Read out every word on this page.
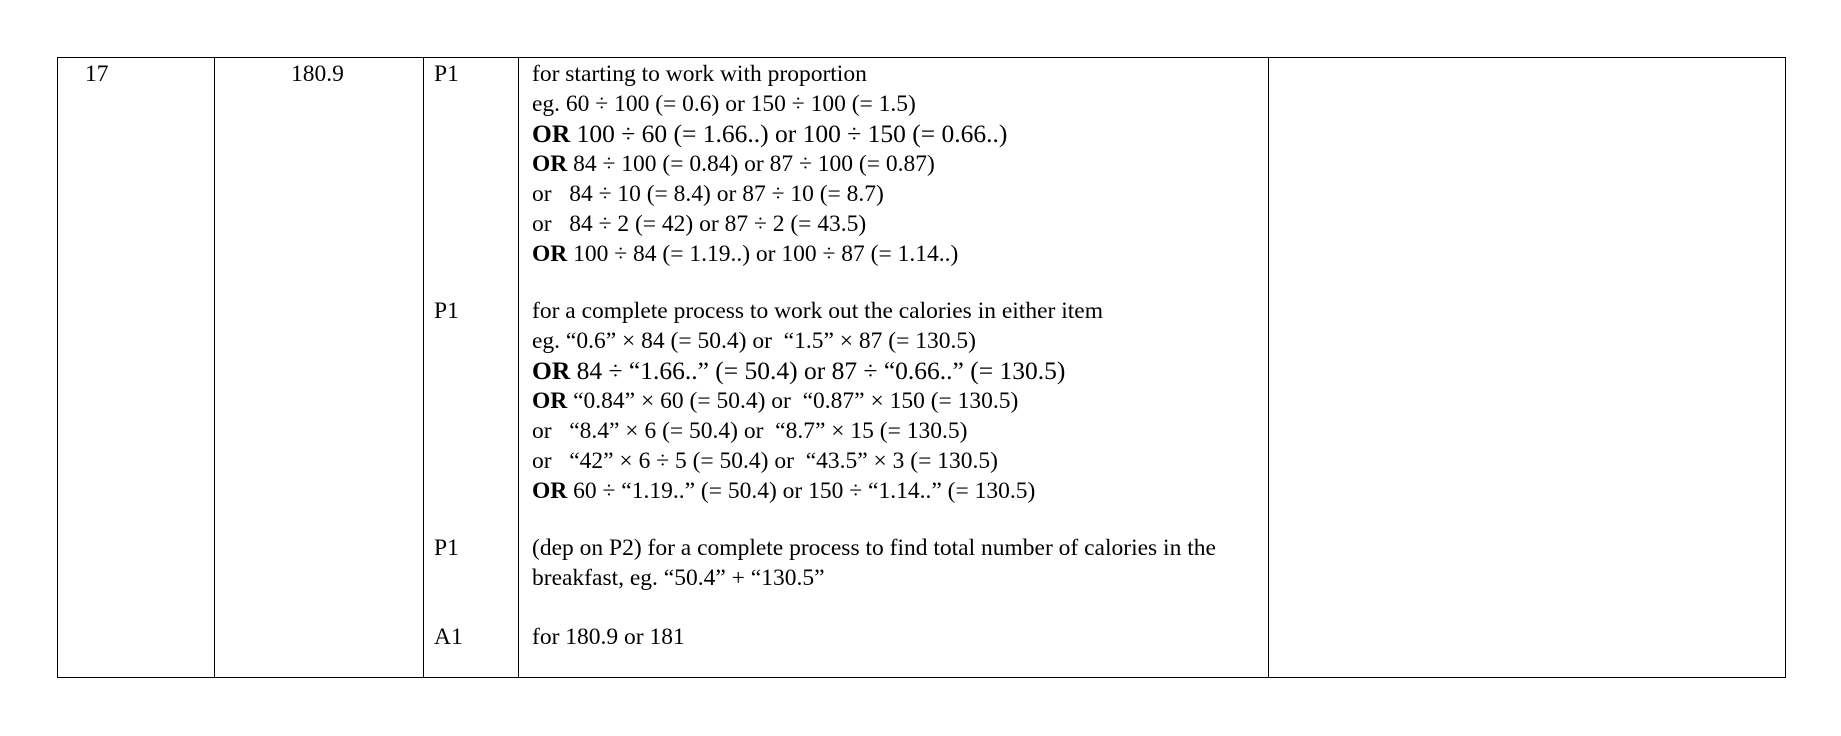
17	180.9	P1
P1
P1
A1
for starting to work with proportion
eg. 60 ÷ 100 (= 0.6) or 150 ÷ 100 (= 1.5)
OR 100 ÷ 60 (= 1.66..) or 100 ÷ 150 (= 0.66..)
OR 84 ÷ 100 (= 0.84) or 87 ÷ 100 (= 0.87)
or   84 ÷ 10 (= 8.4) or 87 ÷ 10 (= 8.7)
or   84 ÷ 2 (= 42) or 87 ÷ 2 (= 43.5)
OR 100 ÷ 84 (= 1.19..) or 100 ÷ 87 (= 1.14..)
for a complete process to work out the calories in either item
eg. “0.6” × 84 (= 50.4) or  “1.5” × 87 (= 130.5)
OR 84 ÷ “1.66..” (= 50.4) or 87 ÷ “0.66..” (= 130.5)
OR “0.84” × 60 (= 50.4) or  “0.87” × 150 (= 130.5)
or   “8.4” × 6 (= 50.4) or  “8.7” × 15 (= 130.5)
or   “42” × 6 ÷ 5 (= 50.4) or  “43.5” × 3 (= 130.5)
OR 60 ÷ “1.19..” (= 50.4) or 150 ÷ “1.14..” (= 130.5)
(dep on P2) for a complete process to find total number of calories in the
breakfast, eg. “50.4” + “130.5”
for 180.9 or 181
